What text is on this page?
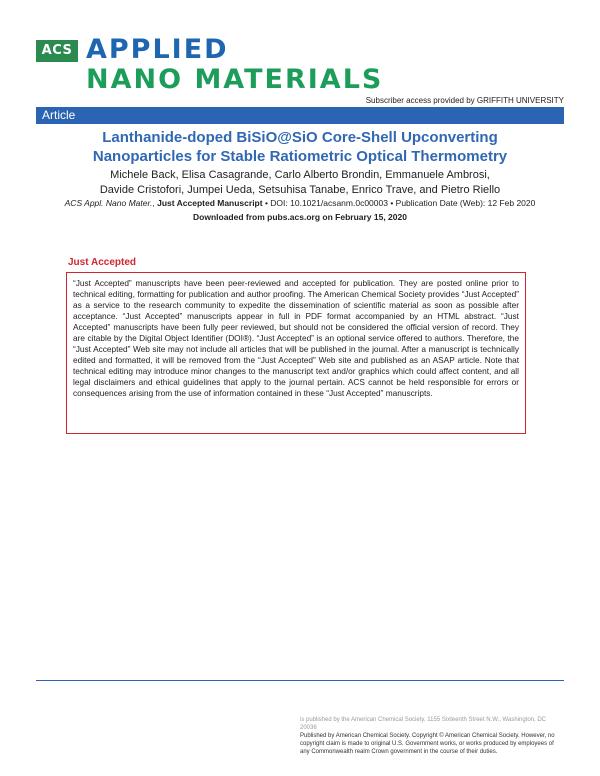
ACS APPLIED
NANO MATERIALS
Subscriber access provided by GRIFFITH UNIVERSITY
Article
Lanthanide-doped BiSiO@SiO Core-Shell Upconverting Nanoparticles for Stable Ratiometric Optical Thermometry
Michele Back, Elisa Casagrande, Carlo Alberto Brondin, Emmanuele Ambrosi,
Davide Cristofori, Jumpei Ueda, Setsuhisa Tanabe, Enrico Trave, and Pietro Riello
ACS Appl. Nano Mater., Just Accepted Manuscript • DOI: 10.1021/acsanm.0c00003 • Publication Date (Web): 12 Feb 2020
Downloaded from pubs.acs.org on February 15, 2020
Just Accepted

“Just Accepted” manuscripts have been peer-reviewed and accepted for publication. They are posted online prior to technical editing, formatting for publication and author proofing. The American Chemical Society provides “Just Accepted” as a service to the research community to expedite the dissemination of scientific material as soon as possible after acceptance. “Just Accepted” manuscripts appear in full in PDF format accompanied by an HTML abstract. “Just Accepted” manuscripts have been fully peer reviewed, but should not be considered the official version of record. They are citable by the Digital Object Identifier (DOI®). “Just Accepted” is an optional service offered to authors. Therefore, the “Just Accepted” Web site may not include all articles that will be published in the journal. After a manuscript is technically edited and formatted, it will be removed from the “Just Accepted” Web site and published as an ASAP article. Note that technical editing may introduce minor changes to the manuscript text and/or graphics which could affect content, and all legal disclaimers and ethical guidelines that apply to the journal pertain. ACS cannot be held responsible for errors or consequences arising from the use of information contained in these “Just Accepted” manuscripts.

is published by the American Chemical Society. 1155 Sixteenth Street N.W., Washington, DC 20036
Published by American Chemical Society. Copyright © American Chemical Society. However, no copyright claim is made to original U.S. Government works, or works produced by employees of any Commonwealth realm Crown government in the course of their duties.
